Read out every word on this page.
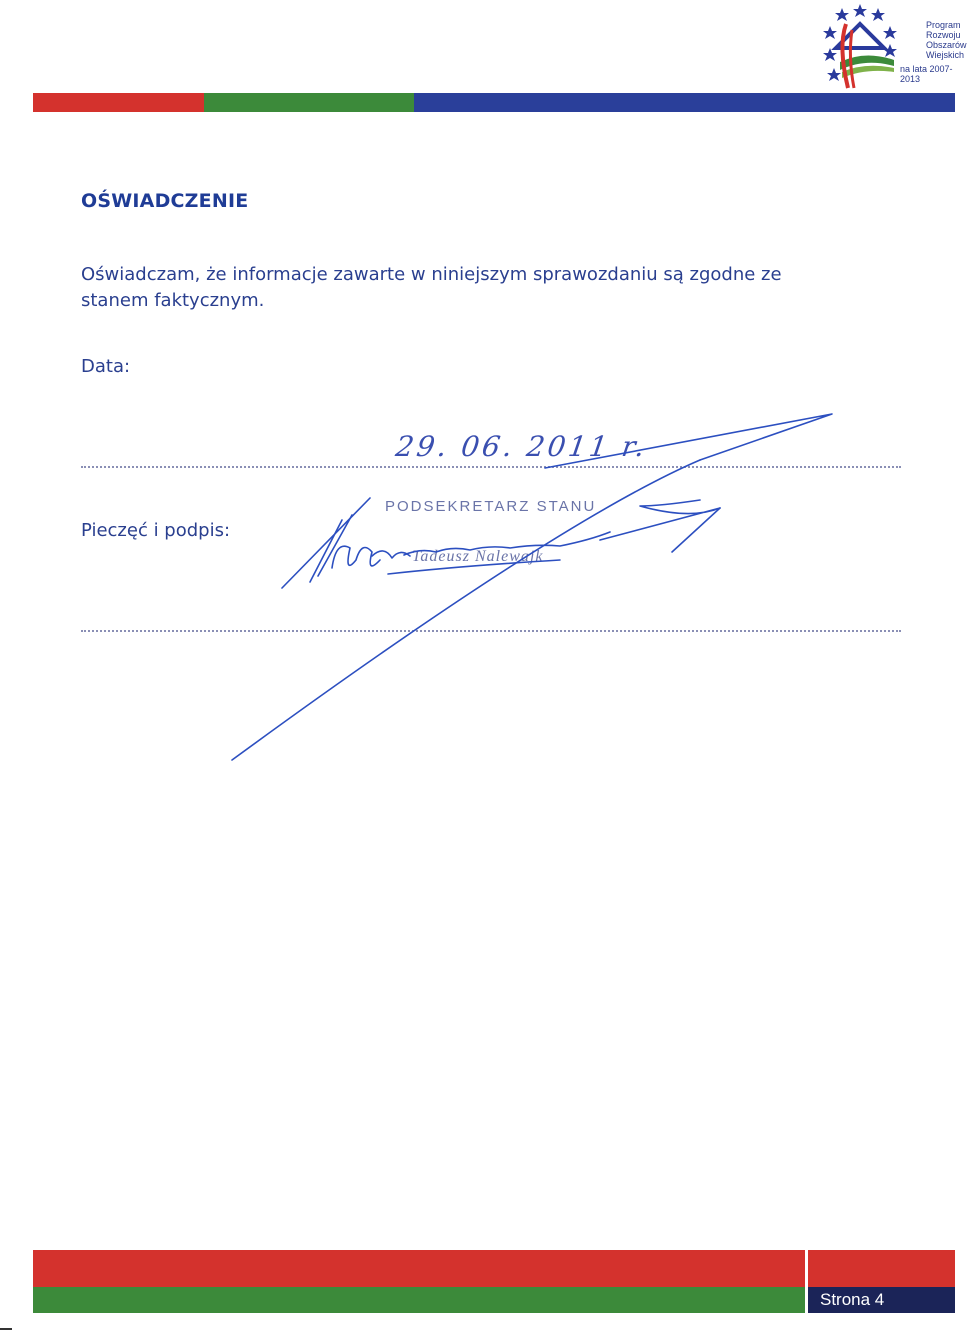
Program
Rozwoju
Obszarów
Wiejskich
na lata 2007-2013
OŚWIADCZENIE
Oświadczam, że informacje zawarte w niniejszym sprawozdaniu są zgodne ze stanem faktycznym.
Data:
29. 06. 2011 r.
Pieczęć i podpis:
PODSEKRETARZ STANU
Tadeusz Nalewajk
Strona 4
